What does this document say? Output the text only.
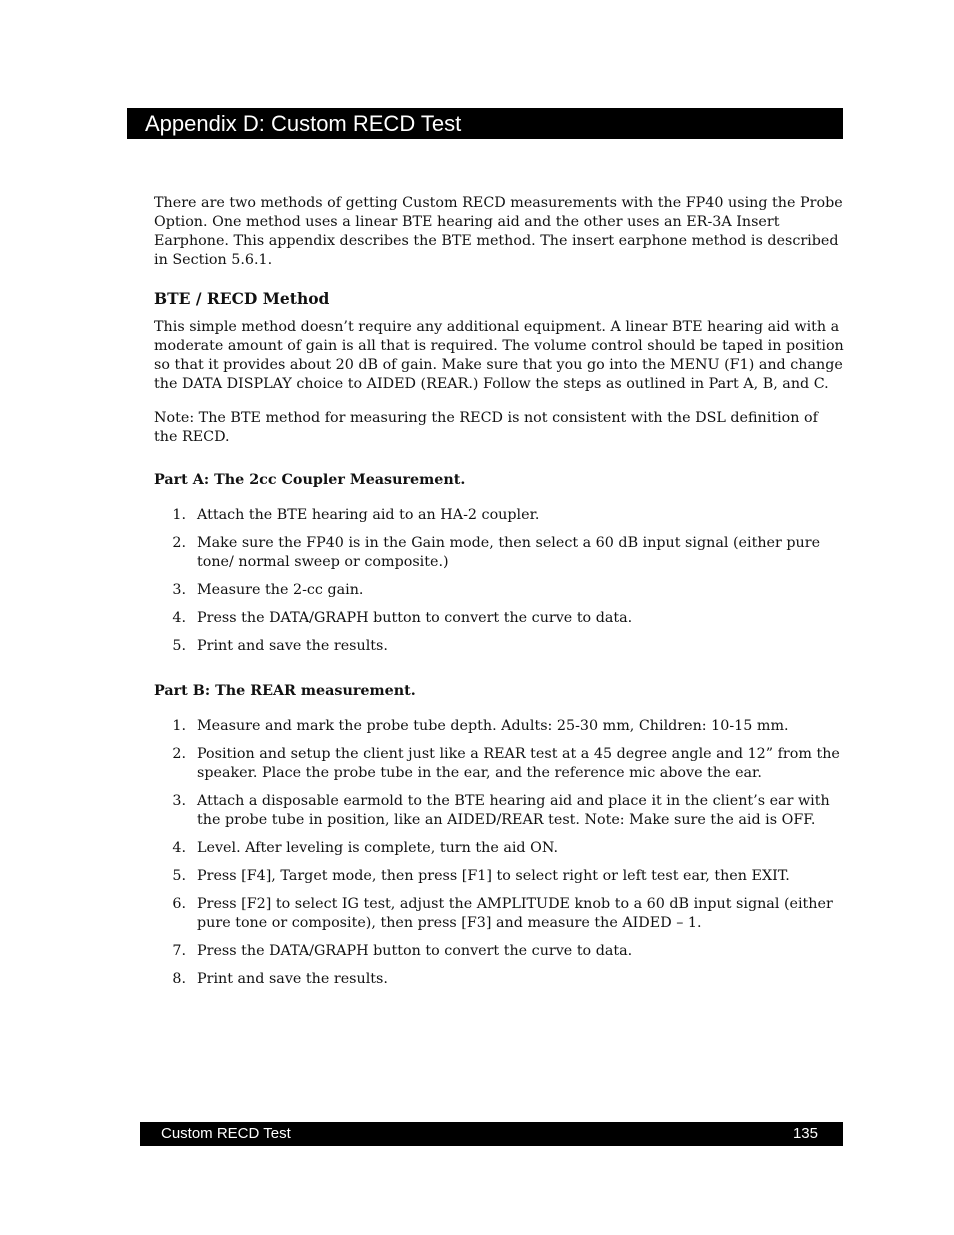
Appendix D: Custom RECD Test

There are two methods of getting Custom RECD measurements with the FP40 using the Probe Option. One method uses a linear BTE hearing aid and the other uses an ER-3A Insert Earphone. This appendix describes the BTE method. The insert earphone method is described in Section 5.6.1.

BTE / RECD Method

This simple method doesn’t require any additional equipment. A linear BTE hearing aid with a moderate amount of gain is all that is required. The volume control should be taped in position so that it provides about 20 dB of gain. Make sure that you go into the MENU (F1) and change the DATA DISPLAY choice to AIDED (REAR.) Follow the steps as outlined in Part A, B, and C.

Note: The BTE method for measuring the RECD is not consistent with the DSL definition of the RECD.

Part A: The 2cc Coupler Measurement.
1. Attach the BTE hearing aid to an HA-2 coupler.
2. Make sure the FP40 is in the Gain mode, then select a 60 dB input signal (either pure tone/ normal sweep or composite.)
3. Measure the 2-cc gain.
4. Press the DATA/GRAPH button to convert the curve to data.
5. Print and save the results.
Part B: The REAR measurement.
1. Measure and mark the probe tube depth. Adults: 25-30 mm, Children: 10-15 mm.
2. Position and setup the client just like a REAR test at a 45 degree angle and 12” from the speaker. Place the probe tube in the ear, and the reference mic above the ear.
3. Attach a disposable earmold to the BTE hearing aid and place it in the client’s ear with the probe tube in position, like an AIDED/REAR test. Note: Make sure the aid is OFF.
4. Level. After leveling is complete, turn the aid ON.
5. Press [F4], Target mode, then press [F1] to select right or left test ear, then EXIT.
6. Press [F2] to select IG test, adjust the AMPLITUDE knob to a 60 dB input signal (either pure tone or composite), then press [F3] and measure the AIDED – 1.
7. Press the DATA/GRAPH button to convert the curve to data.
8. Print and save the results.
Custom RECD Test	135
